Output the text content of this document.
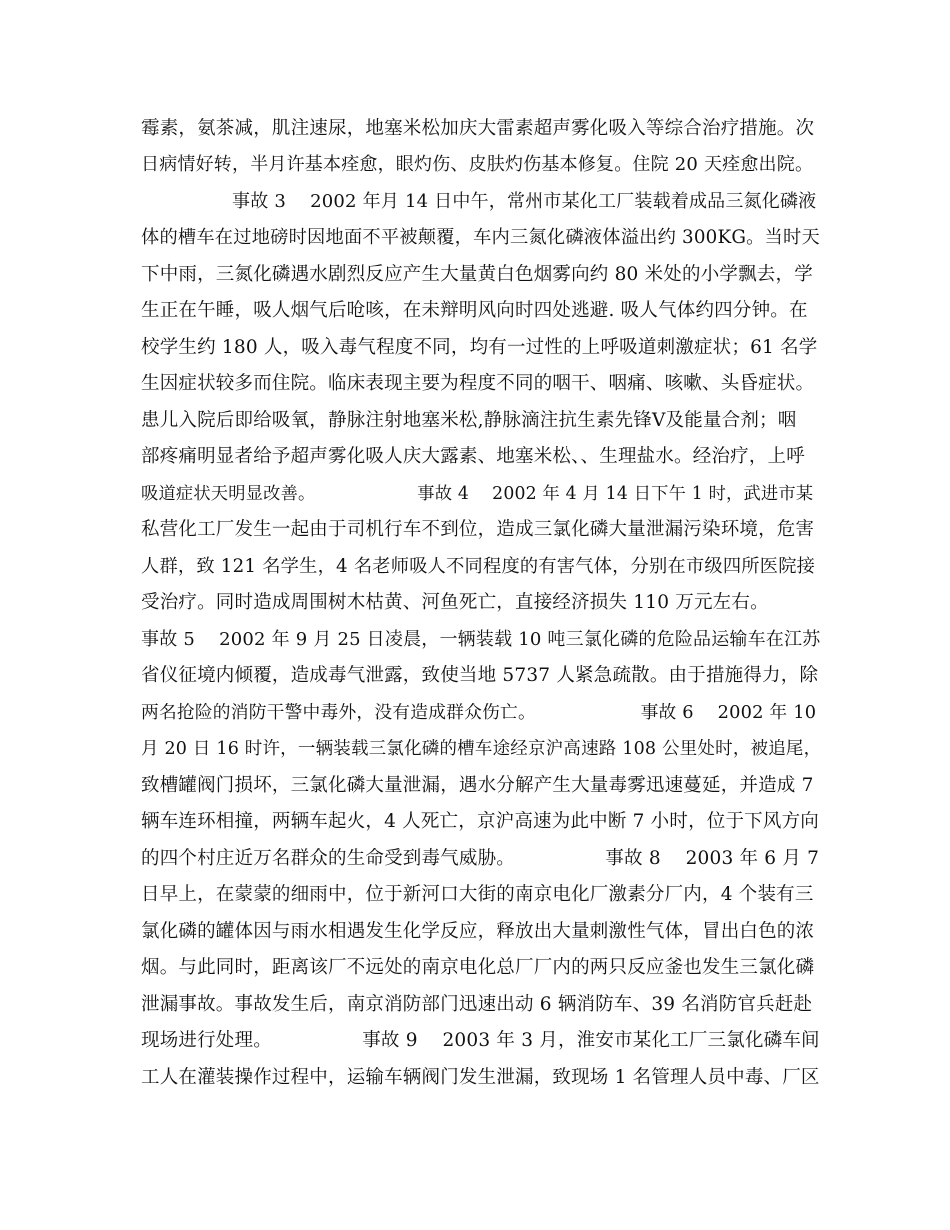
霉素，氨茶减，肌注速尿，地塞米松加庆大雷素超声雾化吸入等综合治疗措施。次
日病情好转，半月许基本痊愈，眼灼伤、皮肤灼伤基本修复。住院 20 天痊愈出院。
　　　　　事故 3　 2002 年月 14 日中午，常州市某化工厂装载着成品三氮化磷液
体的槽车在过地磅时因地面不平被颠覆，车内三氮化磷液体溢出约 300KG。当时天
下中雨，三氮化磷遇水剧烈反应产生大量黄白色烟雾向约 80 米处的小学飘去，学
生正在午睡，吸人烟气后呛咳，在未辩明风向时四处逃避. 吸人气体约四分钟。在
校学生约 180 人，吸入毒气程度不同，均有一过性的上呼吸道刺激症状；61 名学
生因症状较多而住院。临床表现主要为程度不同的咽干、咽痛、咳嗽、头昏症状。
患儿入院后即给吸氧，静脉注射地塞米松,静脉滴注抗生素先锋Ⅴ及能量合剂；咽
部疼痛明显者给予超声雾化吸人庆大露素、地塞米松、、生理盐水。经治疗，上呼
吸道症状天明显改善。　　　　　　 事故 4　 2002 年 4 月 14 日下午 1 时，武进市某
私营化工厂发生一起由于司机行车不到位，造成三氯化磷大量泄漏污染环境，危害
人群，致 121 名学生，4 名老师吸人不同程度的有害气体，分别在市级四所医院接
受治疗。同时造成周围树木枯黄、河鱼死亡，直接经济损失 110 万元左右。
事故 5　 2002 年 9 月 25 日凌晨，一辆装载 10 吨三氯化磷的危险品运输车在江苏
省仪征境内倾覆，造成毒气泄露，致使当地 5737 人紧急疏散。由于措施得力，除
两名抢险的消防干警中毒外，没有造成群众伤亡。　　　　　　 事故 6　 2002 年 10
月 20 日 16 时许，一辆装载三氯化磷的槽车途经京沪高速路 108 公里处时，被追尾，
致槽罐阀门损坏，三氯化磷大量泄漏，遇水分解产生大量毒雾迅速蔓延，并造成 7
辆车连环相撞，两辆车起火，4 人死亡，京沪高速为此中断 7 小时，位于下风方向
的四个村庄近万名群众的生命受到毒气威胁。　　　　　 事故 8　 2003 年 6 月 7
日早上，在蒙蒙的细雨中，位于新河口大街的南京电化厂激素分厂内，4 个装有三
氯化磷的罐体因与雨水相遇发生化学反应，释放出大量刺激性气体，冒出白色的浓
烟。与此同时，距离该厂不远处的南京电化总厂厂内的两只反应釜也发生三氯化磷
泄漏事故。事故发生后，南京消防部门迅速出动 6 辆消防车、39 名消防官兵赶赴
现场进行处理。　　　　　 事故 9　 2003 年 3 月，淮安市某化工厂三氯化磷车间
工人在灌装操作过程中，运输车辆阀门发生泄漏，致现场 1 名管理人员中毒、厂区
